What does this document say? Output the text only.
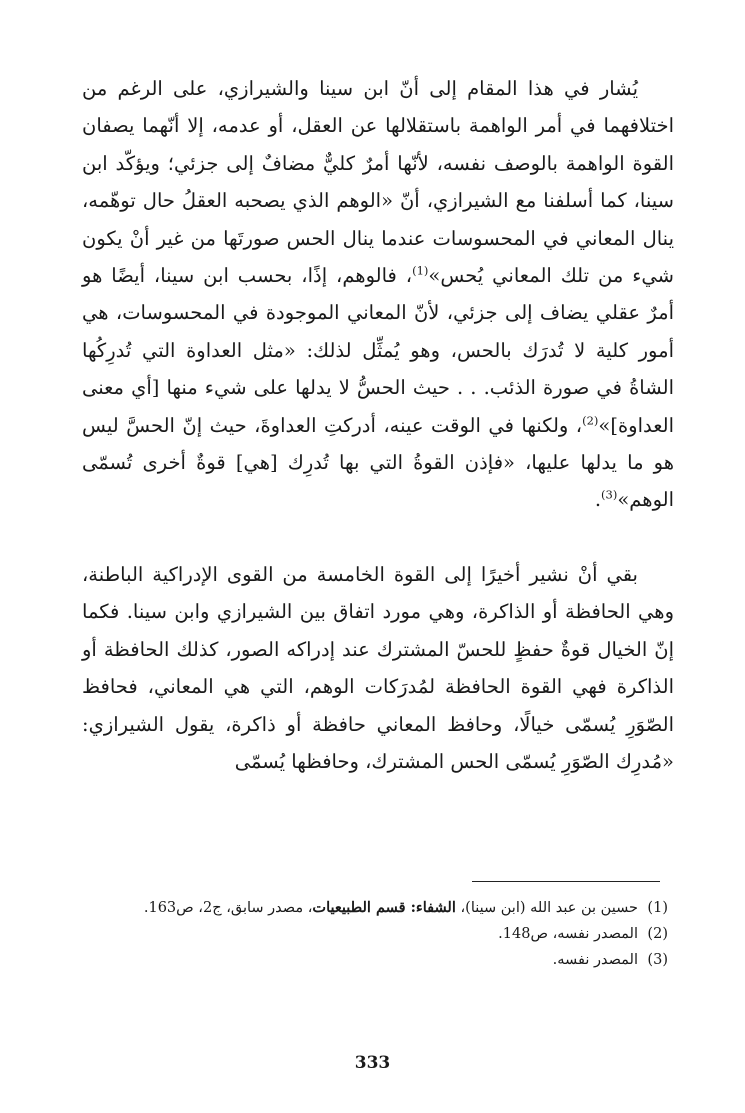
يُشار في هذا المقام إلى أنّ ابن سينا والشيرازي، على الرغم من اختلافهما في أمر الواهمة باستقلالها عن العقل، أو عدمه، إلا أنّهما يصفان القوة الواهمة بالوصف نفسه، لأنّها أمرٌ كليٌّ مضافٌ إلى جزئي؛ ويؤكّد ابن سينا، كما أسلفنا مع الشيرازي، أنّ «الوهم الذي يصحبه العقلُ حال توهّمه، ينال المعاني في المحسوسات عندما ينال الحس صورتَها من غير أنْ يكون شيء من تلك المعاني يُحس»$^{(1)}$، فالوهم، إذًا، بحسب ابن سينا، أيضًا هو أمرٌ عقلي يضاف إلى جزئي، لأنّ المعاني الموجودة في المحسوسات، هي أمور كلية لا تُدرَك بالحس، وهو يُمثِّل لذلك: «مثل العداوة التي تُدرِكُها الشاةُ في صورة الذئب. . . حيث الحسُّ لا يدلها على شيء منها [أي معنى العداوة]»$^{(2)}$، ولكنها في الوقت عينه، أدركتِ العداوةَ، حيث إنّ الحسَّ ليس هو ما يدلها عليها، «فإذن القوةُ التي بها تُدرِك [هي] قوةٌ أخرى تُسمّى الوهم»$^{(3)}$.

بقي أنْ نشير أخيرًا إلى القوة الخامسة من القوى الإدراكية الباطنة، وهي الحافظة أو الذاكرة، وهي مورد اتفاق بين الشيرازي وابن سينا. فكما إنّ الخيال قوةٌ حفظٍ للحسّ المشترك عند إدراكه الصور، كذلك الحافظة أو الذاكرة فهي القوة الحافظة لمُدرَكات الوهم، التي هي المعاني، فحافظ الصّوَرِ يُسمّى خيالًا، وحافظ المعاني حافظة أو ذاكرة، يقول الشيرازي: «مُدرِك الصّوَرِ يُسمّى الحس المشترك، وحافظها يُسمّى

(1)
حسين بن عبد الله (ابن سينا)، الشفاء: قسم الطبيعيات، مصدر سابق، ج2، ص163.
(2)
المصدر نفسه، ص148.
(3)
المصدر نفسه.
333
